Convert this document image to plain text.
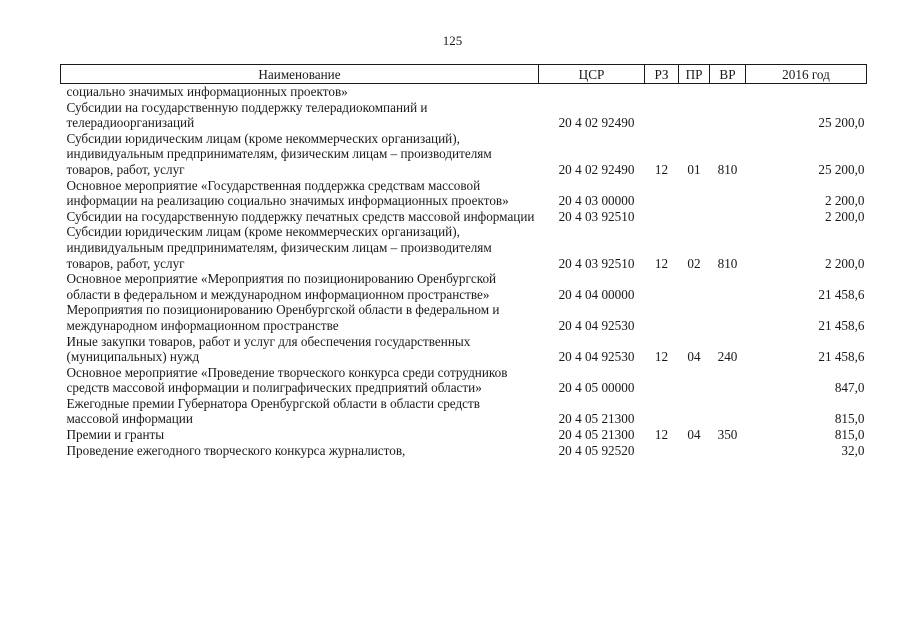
125
Наименование	ЦСР	РЗ	ПР	ВР	2016 год
социально значимых информационных проектов»					
Субсидии на государственную поддержку телерадиокомпаний и телерадиоорганизаций	20 4 02 92490				25 200,0
Субсидии юридическим лицам (кроме некоммерческих организаций), индивидуальным предпринимателям, физическим лицам – производителям товаров, работ, услуг	20 4 02 92490	12	01	810	25 200,0
Основное мероприятие «Государственная поддержка средствам массовой информации на реализацию социально значимых информационных проектов»	20 4 03 00000				2 200,0
Субсидии на государственную поддержку печатных средств массовой информации	20 4 03 92510				2 200,0
Субсидии юридическим лицам (кроме некоммерческих организаций), индивидуальным предпринимателям, физическим лицам – производителям товаров, работ, услуг	20 4 03 92510	12	02	810	2 200,0
Основное мероприятие «Мероприятия по позиционированию Оренбургской области в федеральном и международном информационном пространстве»	20 4 04 00000				21 458,6
Мероприятия по позиционированию Оренбургской области в федеральном и международном информационном пространстве	20 4 04 92530				21 458,6
Иные закупки товаров, работ и услуг для обеспечения государственных (муниципальных) нужд	20 4 04 92530	12	04	240	21 458,6
Основное мероприятие «Проведение творческого конкурса среди сотрудников средств массовой информации и полиграфических предприятий области»	20 4 05 00000				847,0
Ежегодные премии Губернатора Оренбургской области в области средств массовой информации	20 4 05 21300				815,0
Премии и гранты	20 4 05 21300	12	04	350	815,0
Проведение ежегодного творческого конкурса журналистов,	20 4 05 92520				32,0
